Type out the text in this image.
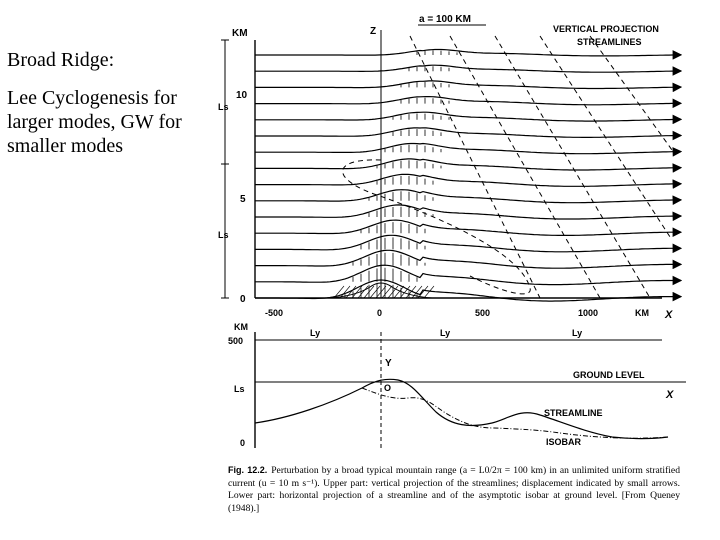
Broad Ridge:

Lee Cyclogenesis for larger modes, GW for smaller modes

a = 100 KM
VERTICAL PROJECTION
STREAMLINES
KM
10
5
0
Ls
Ls
Z
X
-500	0	500	1000	KM
KM
500
0
Ls
Ly	Ly	Ly
Y
GROUND LEVEL
X
O
STREAMLINE
ISOBAR
Fig. 12.2. Perturbation by a broad typical mountain range (a = L0/2π = 100 km) in an unlimited uniform stratified current (u = 10 m s⁻¹). Upper part: vertical projection of the streamlines; displacement indicated by small arrows. Lower part: horizontal projection of a streamline and of the asymptotic isobar at ground level. [From Queney (1948).]
